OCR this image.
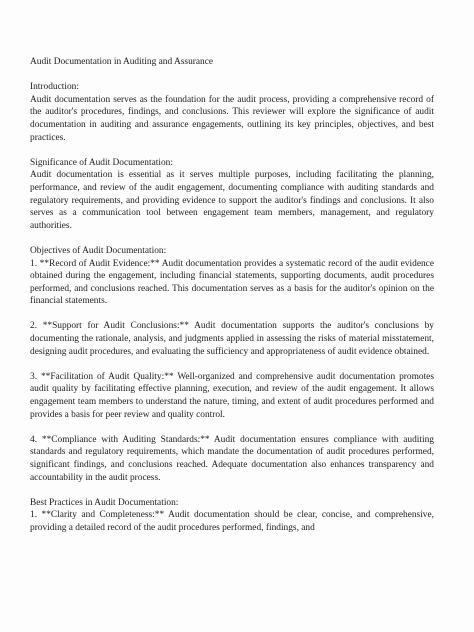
Audit Documentation in Auditing and Assurance
Introduction:

Audit documentation serves as the foundation for the audit process, providing a comprehensive record of the auditor's procedures, findings, and conclusions. This reviewer will explore the significance of audit documentation in auditing and assurance engagements, outlining its key principles, objectives, and best practices.

Significance of Audit Documentation:

Audit documentation is essential as it serves multiple purposes, including facilitating the planning, performance, and review of the audit engagement, documenting compliance with auditing standards and regulatory requirements, and providing evidence to support the auditor's findings and conclusions. It also serves as a communication tool between engagement team members, management, and regulatory authorities.

Objectives of Audit Documentation:

1. **Record of Audit Evidence:** Audit documentation provides a systematic record of the audit evidence obtained during the engagement, including financial statements, supporting documents, audit procedures performed, and conclusions reached. This documentation serves as a basis for the auditor's opinion on the financial statements.

2. **Support for Audit Conclusions:** Audit documentation supports the auditor's conclusions by documenting the rationale, analysis, and judgments applied in assessing the risks of material misstatement, designing audit procedures, and evaluating the sufficiency and appropriateness of audit evidence obtained.

3. **Facilitation of Audit Quality:** Well-organized and comprehensive audit documentation promotes audit quality by facilitating effective planning, execution, and review of the audit engagement. It allows engagement team members to understand the nature, timing, and extent of audit procedures performed and provides a basis for peer review and quality control.

4. **Compliance with Auditing Standards:** Audit documentation ensures compliance with auditing standards and regulatory requirements, which mandate the documentation of audit procedures performed, significant findings, and conclusions reached. Adequate documentation also enhances transparency and accountability in the audit process.

Best Practices in Audit Documentation:

1. **Clarity and Completeness:** Audit documentation should be clear, concise, and comprehensive, providing a detailed record of the audit procedures performed, findings, and
